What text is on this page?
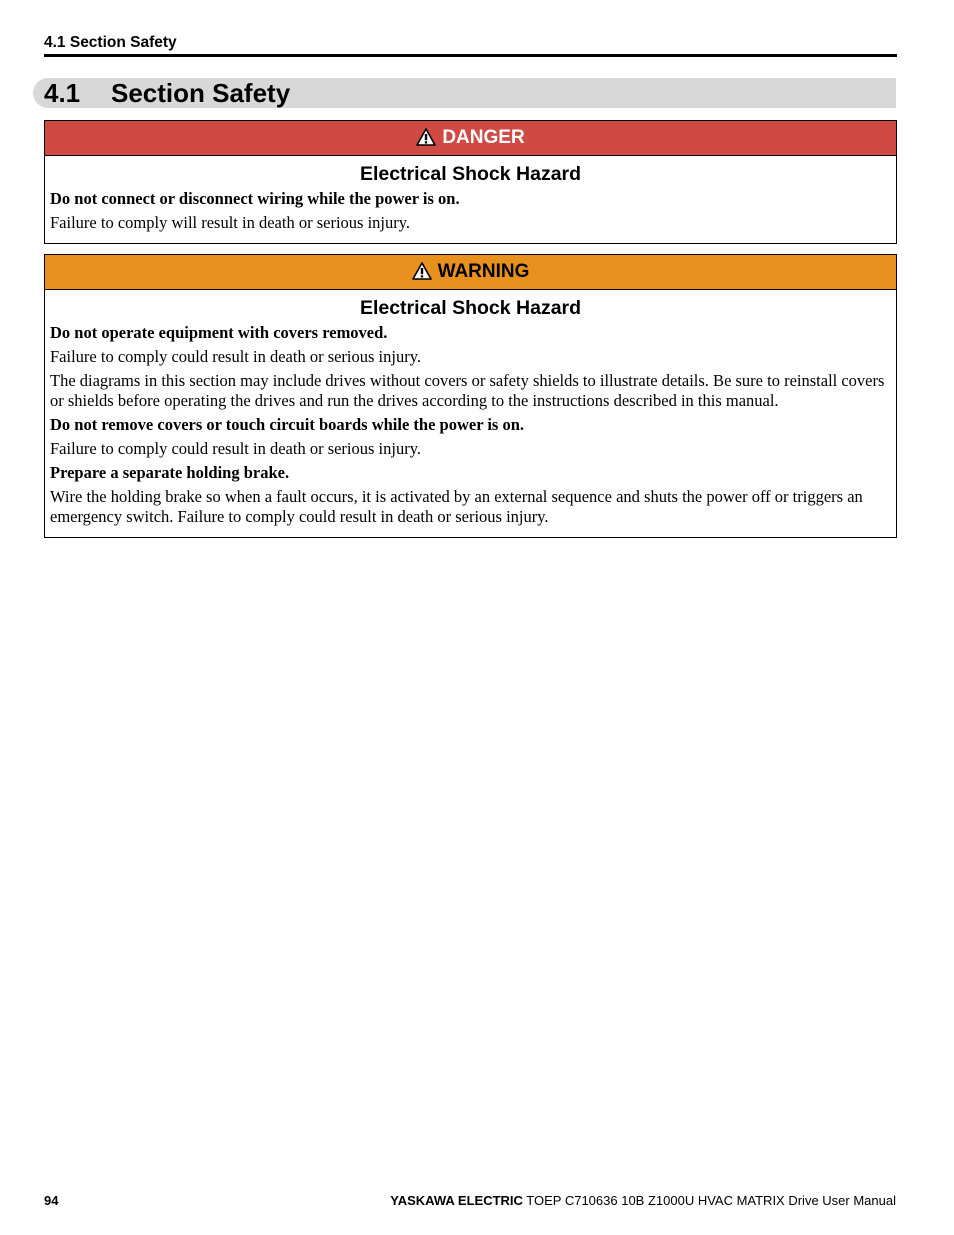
4.1 Section Safety
4.1 Section Safety
DANGER
Electrical Shock Hazard

Do not connect or disconnect wiring while the power is on.

Failure to comply will result in death or serious injury.

WARNING
Electrical Shock Hazard

Do not operate equipment with covers removed.

Failure to comply could result in death or serious injury.

The diagrams in this section may include drives without covers or safety shields to illustrate details. Be sure to reinstall covers or shields before operating the drives and run the drives according to the instructions described in this manual.

Do not remove covers or touch circuit boards while the power is on.

Failure to comply could result in death or serious injury.

Prepare a separate holding brake.

Wire the holding brake so when a fault occurs, it is activated by an external sequence and shuts the power off or triggers an emergency switch. Failure to comply could result in death or serious injury.

94	YASKAWA ELECTRIC TOEP C710636 10B Z1000U HVAC MATRIX Drive User Manual
